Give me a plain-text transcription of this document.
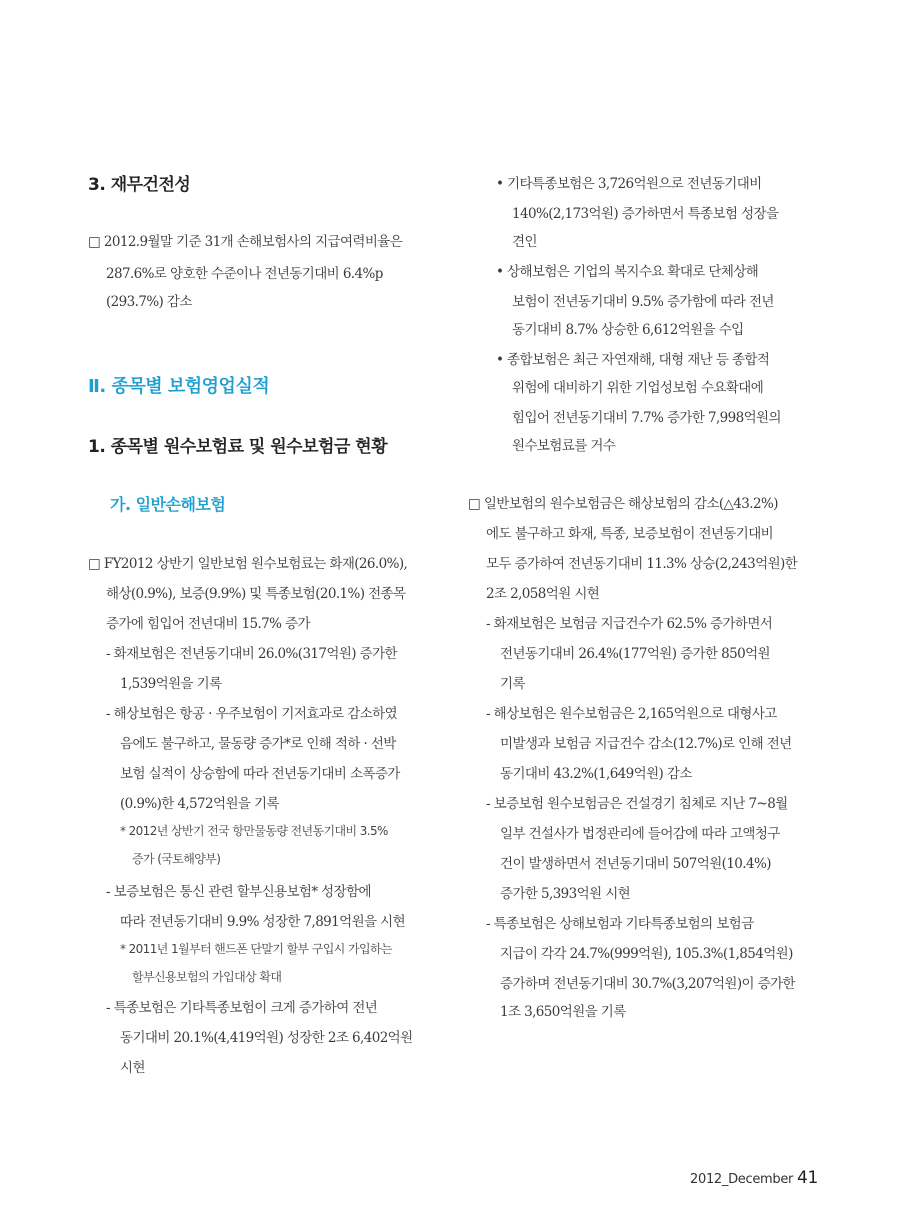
3. 재무건전성
□ 2012.9월말 기준 31개 손해보험사의 지급여력비율은
287.6%로 양호한 수준이나 전년동기대비 6.4%p
(293.7%) 감소
Ⅱ. 종목별 보험영업실적
1. 종목별 원수보험료 및 원수보험금 현황
가. 일반손해보험
□ FY2012 상반기 일반보험 원수보험료는 화재(26.0%),
해상(0.9%), 보증(9.9%) 및 특종보험(20.1%) 전종목
증가에 힘입어 전년대비 15.7% 증가
- 화재보험은 전년동기대비 26.0%(317억원) 증가한
1,539억원을 기록
- 해상보험은 항공 · 우주보험이 기저효과로 감소하였
음에도 불구하고, 물동량 증가*로 인해 적하 · 선박
보험 실적이 상승함에 따라 전년동기대비 소폭증가
(0.9%)한 4,572억원을 기록
* 2012년 상반기 전국 항만물동량 전년동기대비 3.5%
증가 (국토해양부)
- 보증보험은 통신 관련 할부신용보험* 성장함에
따라 전년동기대비 9.9% 성장한 7,891억원을 시현
* 2011년 1월부터 핸드폰 단말기 할부 구입시 가입하는
할부신용보험의 가입대상 확대
- 특종보험은 기타특종보험이 크게 증가하여 전년
동기대비 20.1%(4,419억원) 성장한 2조 6,402억원
시현
• 기타특종보험은 3,726억원으로 전년동기대비
140%(2,173억원) 증가하면서 특종보험 성장을
견인
• 상해보험은 기업의 복지수요 확대로 단체상해
보험이 전년동기대비 9.5% 증가함에 따라 전년
동기대비 8.7% 상승한 6,612억원을 수입
• 종합보험은 최근 자연재해, 대형 재난 등 종합적
위험에 대비하기 위한 기업성보험 수요확대에
힘입어 전년동기대비 7.7% 증가한 7,998억원의
원수보험료를 거수
□ 일반보험의 원수보험금은 해상보험의 감소(△43.2%)
에도 불구하고 화재, 특종, 보증보험이 전년동기대비
모두 증가하여 전년동기대비 11.3% 상승(2,243억원)한
2조 2,058억원 시현
- 화재보험은 보험금 지급건수가 62.5% 증가하면서
전년동기대비 26.4%(177억원) 증가한 850억원
기록
- 해상보험은 원수보험금은 2,165억원으로 대형사고
미발생과 보험금 지급건수 감소(12.7%)로 인해 전년
동기대비 43.2%(1,649억원) 감소
- 보증보험 원수보험금은 건설경기 침체로 지난 7~8월
일부 건설사가 법정관리에 들어감에 따라 고액청구
건이 발생하면서 전년동기대비 507억원(10.4%)
증가한 5,393억원 시현
- 특종보험은 상해보험과 기타특종보험의 보험금
지급이 각각 24.7%(999억원), 105.3%(1,854억원)
증가하며 전년동기대비 30.7%(3,207억원)이 증가한
1조 3,650억원을 기록
2012_December 41
